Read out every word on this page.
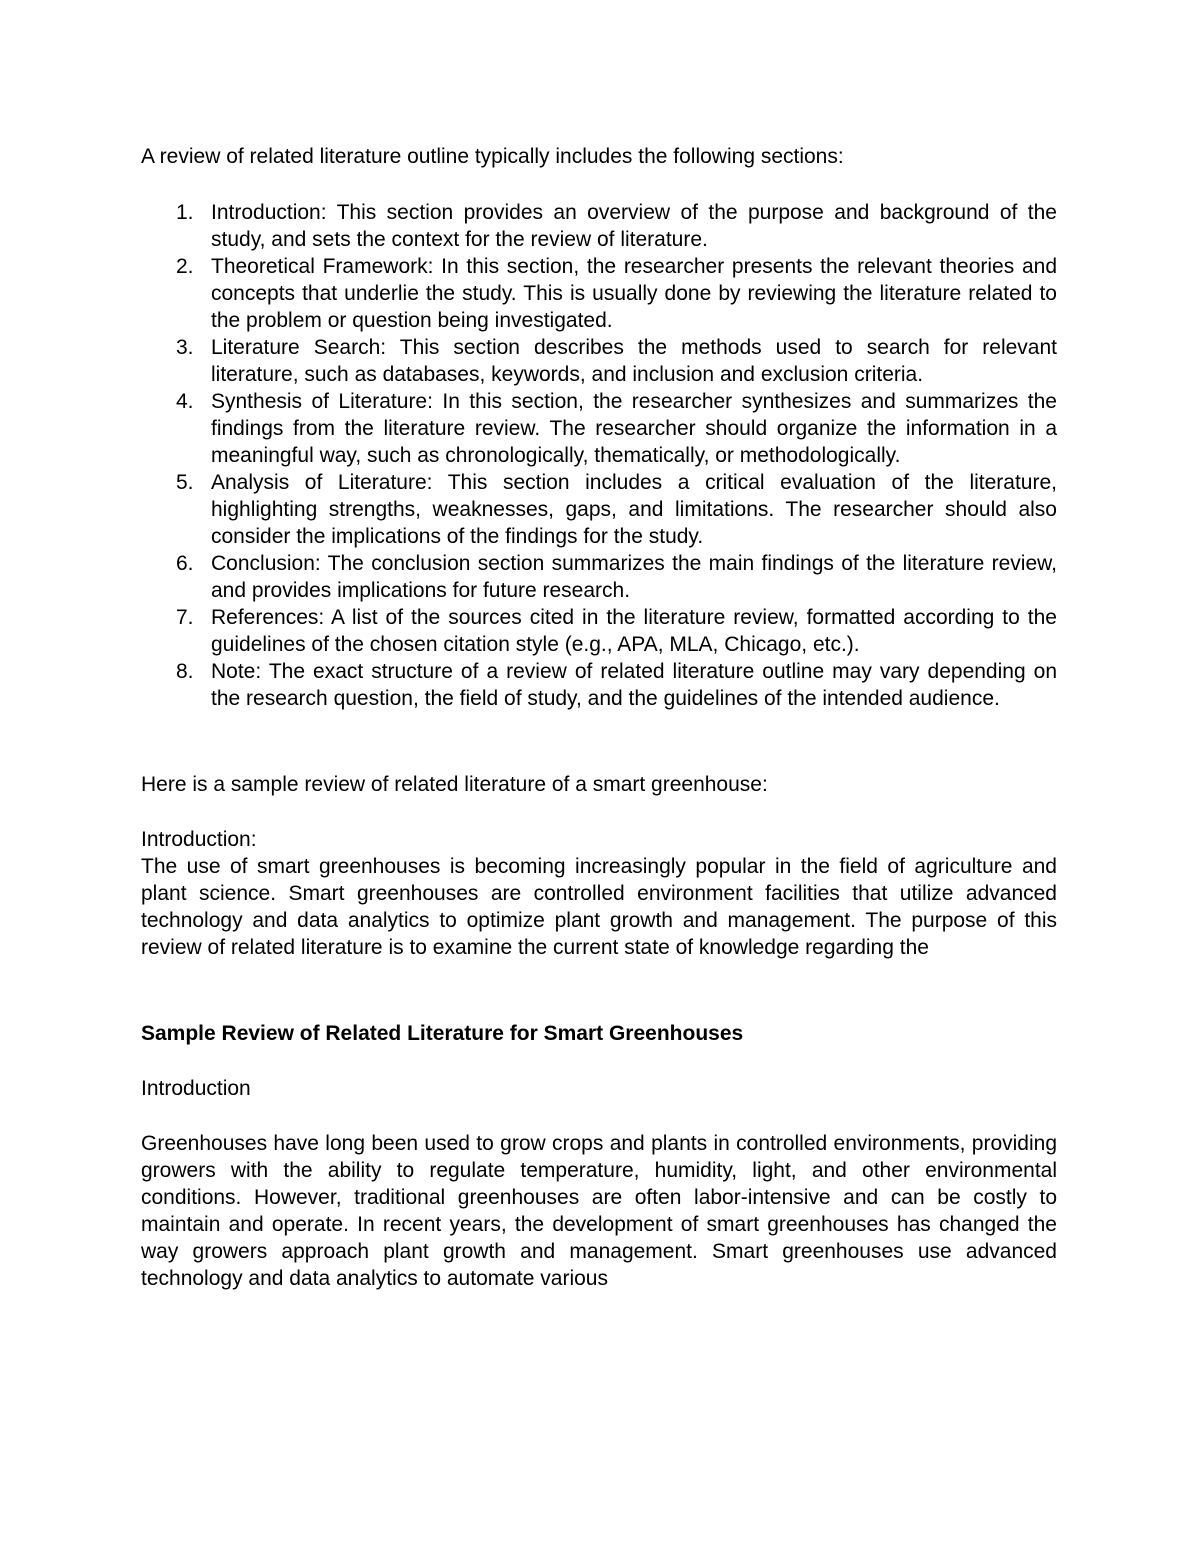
A review of related literature outline typically includes the following sections:

1. Introduction: This section provides an overview of the purpose and background of the study, and sets the context for the review of literature.
2. Theoretical Framework: In this section, the researcher presents the relevant theories and concepts that underlie the study. This is usually done by reviewing the literature related to the problem or question being investigated.
3. Literature Search: This section describes the methods used to search for relevant literature, such as databases, keywords, and inclusion and exclusion criteria.
4. Synthesis of Literature: In this section, the researcher synthesizes and summarizes the findings from the literature review. The researcher should organize the information in a meaningful way, such as chronologically, thematically, or methodologically.
5. Analysis of Literature: This section includes a critical evaluation of the literature, highlighting strengths, weaknesses, gaps, and limitations. The researcher should also consider the implications of the findings for the study.
6. Conclusion: The conclusion section summarizes the main findings of the literature review, and provides implications for future research.
7. References: A list of the sources cited in the literature review, formatted according to the guidelines of the chosen citation style (e.g., APA, MLA, Chicago, etc.).
8. Note: The exact structure of a review of related literature outline may vary depending on the research question, the field of study, and the guidelines of the intended audience.

Here is a sample review of related literature of a smart greenhouse:

Introduction:

The use of smart greenhouses is becoming increasingly popular in the field of agriculture and plant science. Smart greenhouses are controlled environment facilities that utilize advanced technology and data analytics to optimize plant growth and management. The purpose of this review of related literature is to examine the current state of knowledge regarding the

Sample Review of Related Literature for Smart Greenhouses

Introduction

Greenhouses have long been used to grow crops and plants in controlled environments, providing growers with the ability to regulate temperature, humidity, light, and other environmental conditions. However, traditional greenhouses are often labor-intensive and can be costly to maintain and operate. In recent years, the development of smart greenhouses has changed the way growers approach plant growth and management. Smart greenhouses use advanced technology and data analytics to automate various
